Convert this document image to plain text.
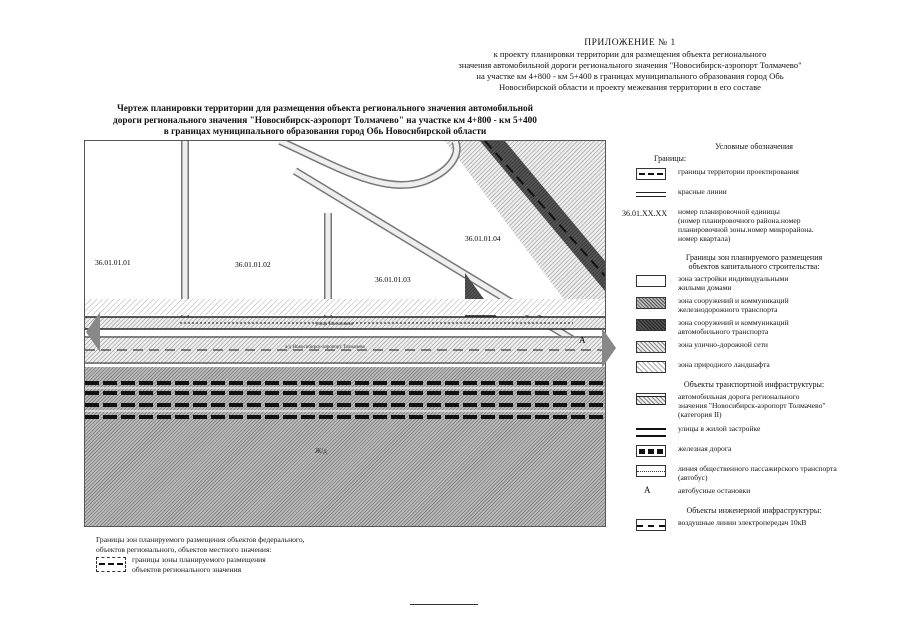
ПРИЛОЖЕНИЕ № 1
к проекту планировки территории для размещения объекта регионального
значения автомобильной дороги регионального значения "Новосибирск-аэропорт Толмачево"
на участке км 4+800 - км 5+400 в границах муниципального образования город Обь
Новосибирской области и проекту межевания территории в его составе
Чертеж планировки территории для размещения объекта регионального значения автомобильной
дороги регионального значения "Новосибирск-аэропорт Толмачево" на участке км 4+800 - км 5+400
в границах муниципального образования город Обь Новосибирской области
36.01.01.01	36.01.01.02
36.01.01.03
36.01.01.04
улица Вокзальная
а/д Новосибирск-аэропорт Толмачево
Ж/д
А
Границы зон планируемого размещения объектов федерального,
объектов регионального, объектов местного значения:
границы зоны планируемого размещения
объектов регионального значения
Условные обозначения
Границы:
границы территории проектирования
красные линии
36.01.XX.XX номер планировочной единицы
(номер планировочного района.номер
планировочной зоны.номер микрорайона.
номер квартала)
Границы зон планируемого размещения
объектов капитального строительства:
зона застройки индивидуальными
жилыми домами
зона сооружений и коммуникаций
железнодорожного транспорта
зона сооружений и коммуникаций
автомобильного транспорта
зона улично-дорожной сети
зона природного ландшафта
Объекты транспортной инфраструктуры:
автомобильная дорога регионального
значения "Новосибирск-аэропорт Толмачево"
(категория II)
улицы в жилой застройке
железная дорога
линия общественного пассажирского транспорта
(автобус)
А	автобусные остановки
Объекты инженерной инфраструктуры:
воздушные линии электропередач 10кВ
